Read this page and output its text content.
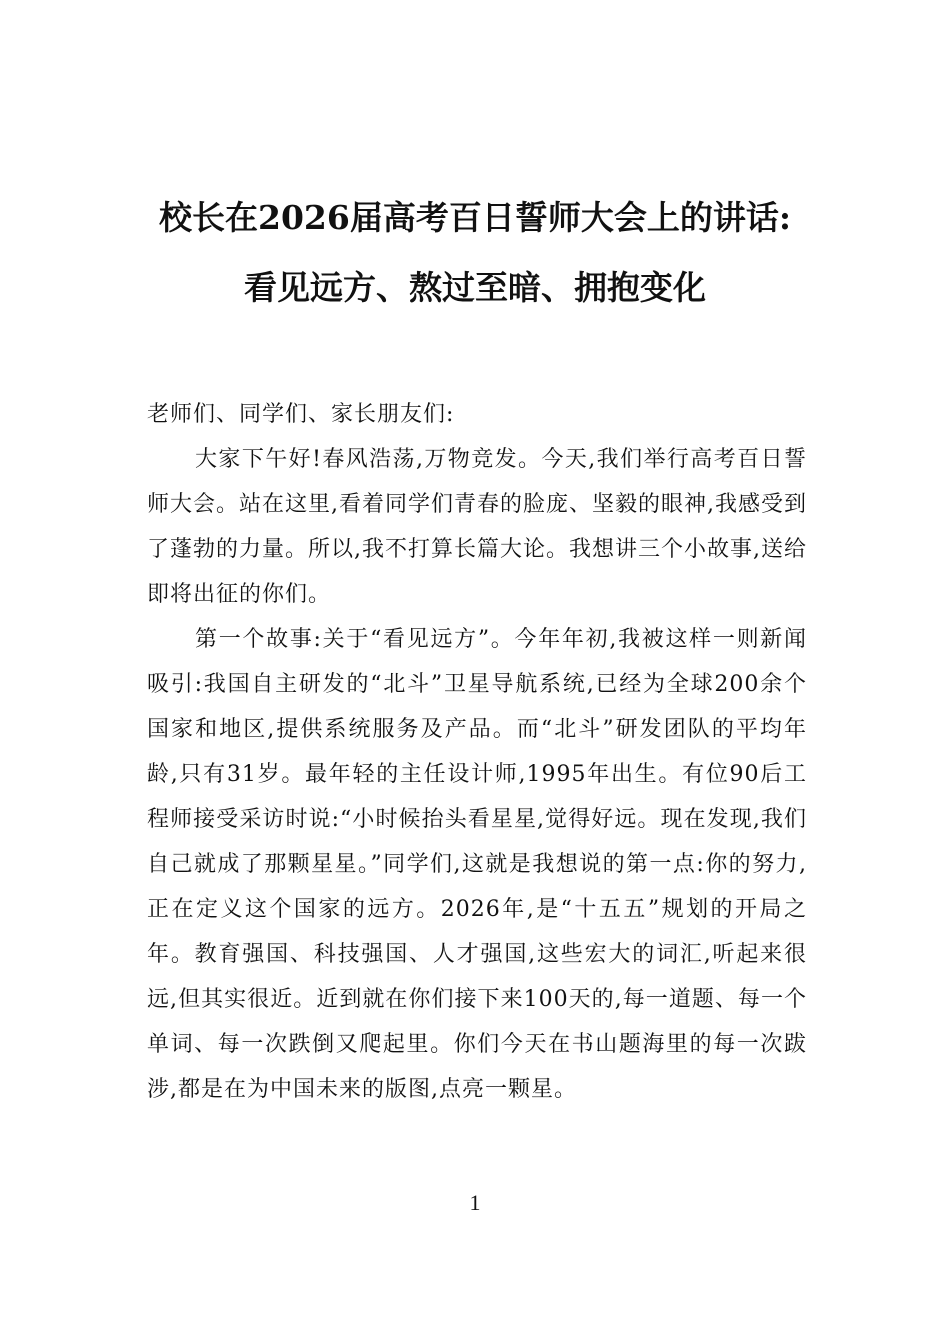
校长在2026届高考百日誓师大会上的讲话:
看见远方、熬过至暗、拥抱变化

老师们、同学们、家长朋友们:

大家下午好!春风浩荡,万物竞发。今天,我们举行高考百日誓师大会。站在这里,看着同学们青春的脸庞、坚毅的眼神,我感受到了蓬勃的力量。所以,我不打算长篇大论。我想讲三个小故事,送给即将出征的你们。

第一个故事:关于“看见远方”。今年年初,我被这样一则新闻吸引:我国自主研发的“北斗”卫星导航系统,已经为全球200余个国家和地区,提供系统服务及产品。而“北斗”研发团队的平均年龄,只有31岁。最年轻的主任设计师,1995年出生。有位90后工程师接受采访时说:“小时候抬头看星星,觉得好远。现在发现,我们自己就成了那颗星星。”同学们,这就是我想说的第一点:你的努力,正在定义这个国家的远方。2026年,是“十五五”规划的开局之年。教育强国、科技强国、人才强国,这些宏大的词汇,听起来很远,但其实很近。近到就在你们接下来100天的,每一道题、每一个单词、每一次跌倒又爬起里。你们今天在书山题海里的每一次跋涉,都是在为中国未来的版图,点亮一颗星。

1
